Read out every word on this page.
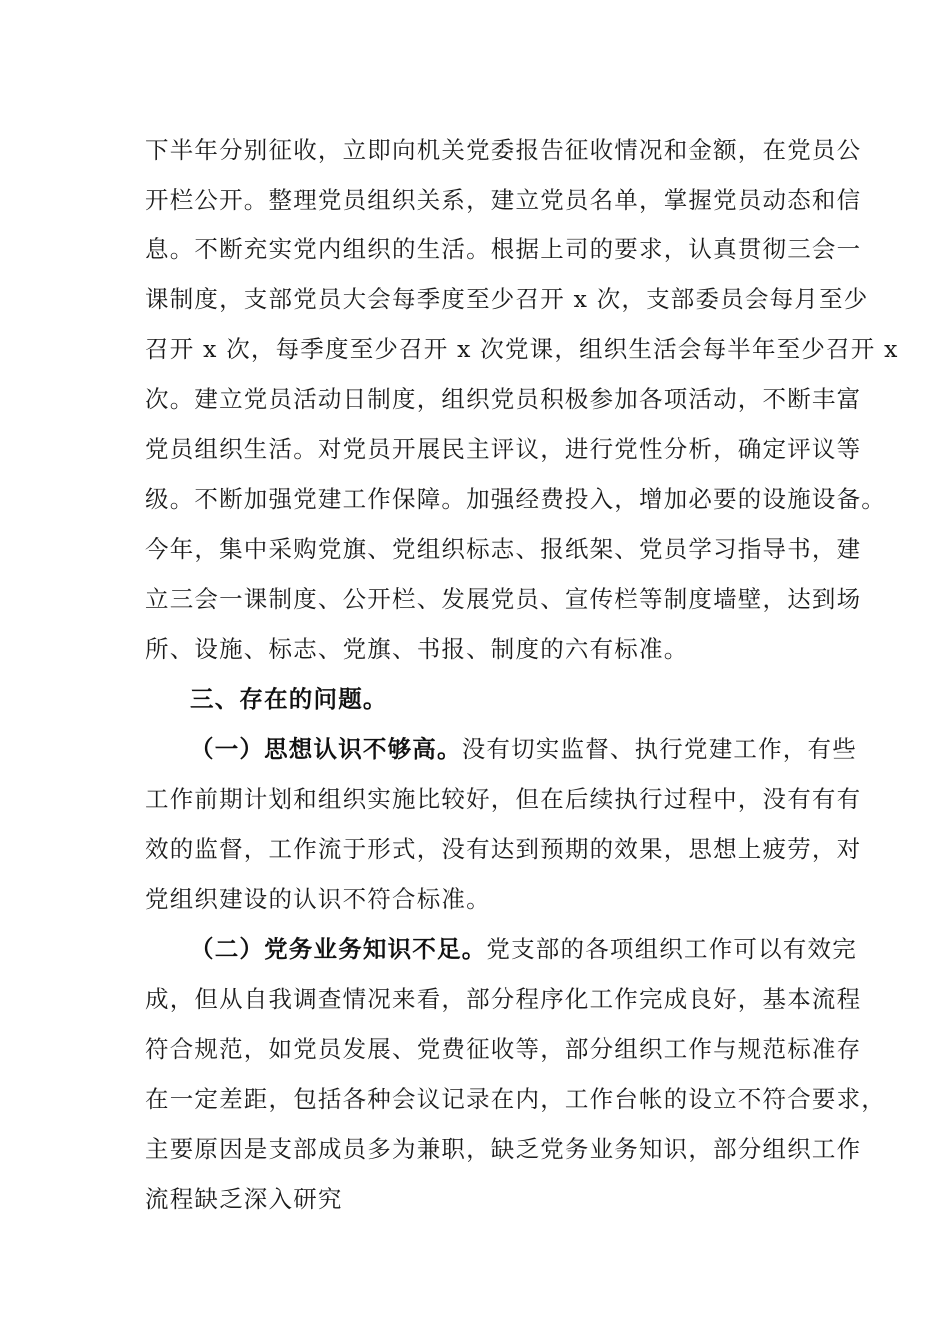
下半年分别征收，立即向机关党委报告征收情况和金额，在党员公
开栏公开。整理党员组织关系，建立党员名单，掌握党员动态和信
息。不断充实党内组织的生活。根据上司的要求，认真贯彻三会一
课制度，支部党员大会每季度至少召开 x 次，支部委员会每月至少
召开 x 次，每季度至少召开 x 次党课，组织生活会每半年至少召开 x
次。建立党员活动日制度，组织党员积极参加各项活动，不断丰富
党员组织生活。对党员开展民主评议，进行党性分析，确定评议等
级。不断加强党建工作保障。加强经费投入，增加必要的设施设备。
今年，集中采购党旗、党组织标志、报纸架、党员学习指导书，建
立三会一课制度、公开栏、发展党员、宣传栏等制度墙壁，达到场
所、设施、标志、党旗、书报、制度的六有标准。
三、存在的问题。
（一）思想认识不够高。没有切实监督、执行党建工作，有些
工作前期计划和组织实施比较好，但在后续执行过程中，没有有有
效的监督，工作流于形式，没有达到预期的效果，思想上疲劳，对
党组织建设的认识不符合标准。
（二）党务业务知识不足。党支部的各项组织工作可以有效完
成，但从自我调查情况来看，部分程序化工作完成良好，基本流程
符合规范，如党员发展、党费征收等，部分组织工作与规范标准存
在一定差距，包括各种会议记录在内，工作台帐的设立不符合要求，
主要原因是支部成员多为兼职，缺乏党务业务知识，部分组织工作
流程缺乏深入研究
